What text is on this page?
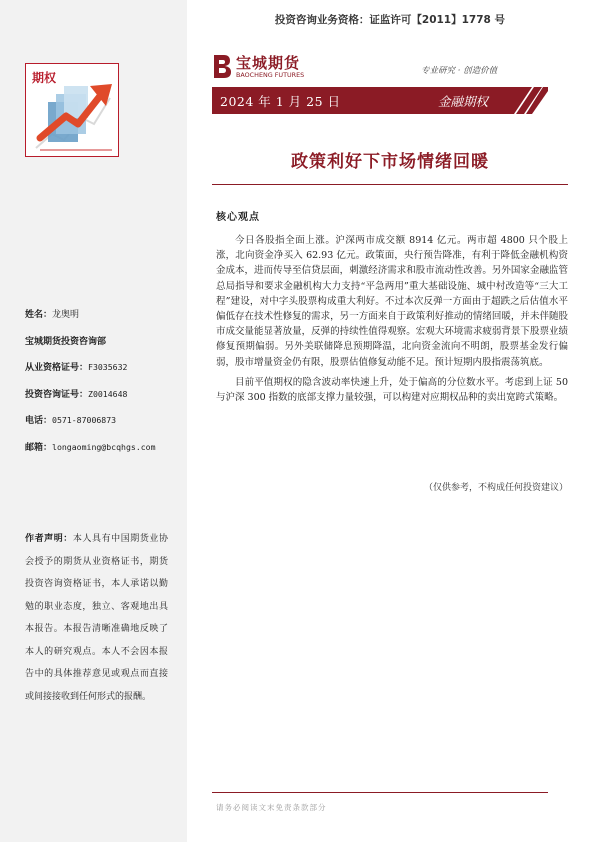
投资咨询业务资格：证监许可【2011】1778 号
期权
宝城期货
BAOCHENG FUTURES	专业研究 · 创造价值
2024 年 1 月 25 日	金融期权
政策利好下市场情绪回暖
核心观点

今日各股指全面上涨。沪深两市成交额 8914 亿元。两市超 4800 只个股上涨，北向资金净买入 62.93 亿元。政策面，央行预告降准，有利于降低金融机构资金成本，进而传导至信贷层面，刺激经济需求和股市流动性改善。另外国家金融监管总局指导和要求金融机构大力支持“平急两用”重大基础设施、城中村改造等“三大工程”建设，对中字头股票构成重大利好。不过本次反弹一方面由于超跌之后估值水平偏低存在技术性修复的需求，另一方面来自于政策利好推动的情绪回暖，并未伴随股市成交量能显著放量，反弹的持续性值得观察。宏观大环境需求疲弱背景下股票业绩修复预期偏弱。另外美联储降息预期降温，北向资金流向不明朗，股票基金发行偏弱，股市增量资金仍有限，股票估值修复动能不足。预计短期内股指震荡筑底。

目前平值期权的隐含波动率快速上升，处于偏高的分位数水平。考虑到上证 50 与沪深 300 指数的底部支撑力量较强，可以构建对应期权品种的卖出宽跨式策略。

（仅供参考，不构成任何投资建议）
姓名：龙奥明
宝城期货投资咨询部
从业资格证号：F3035632
投资咨询证号：Z0014648
电话：0571-87006873
邮箱：longaoming@bcqhgs.com
作者声明：本人具有中国期货业协会授予的期货从业资格证书，期货投资咨询资格证书，本人承诺以勤勉的职业态度，独立、客观地出具本报告。本报告清晰准确地反映了本人的研究观点。本人不会因本报告中的具体推荐意见或观点而直接或间接接收到任何形式的报酬。
请务必阅读文末免责条款部分
